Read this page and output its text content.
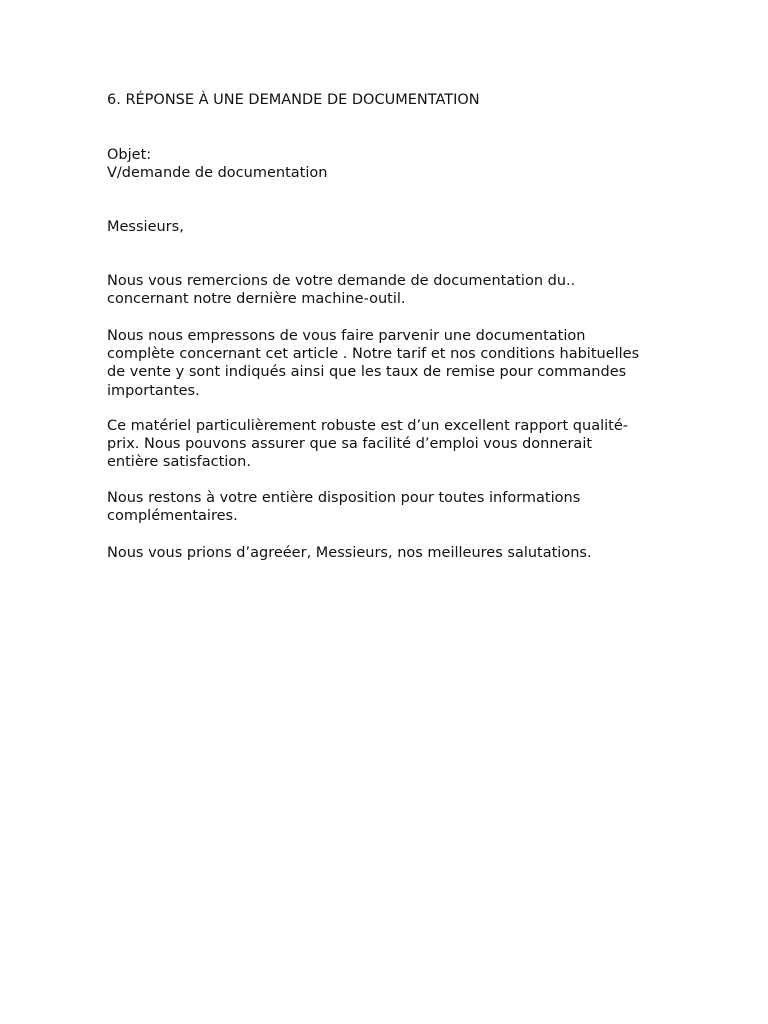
6. RÉPONSE À UNE DEMANDE DE DOCUMENTATION
Objet:
V/demande de documentation
Messieurs,
Nous vous remercions de votre demande de documentation du..
concernant notre dernière machine-outil.
Nous nous empressons de vous faire parvenir une documentation
complète concernant cet article . Notre tarif et nos conditions habituelles
de vente y sont indiqués ainsi que les taux de remise pour commandes
importantes.
Ce matériel particulièrement robuste est d’un excellent rapport qualité-
prix. Nous pouvons assurer que sa facilité d’emploi vous donnerait
entière satisfaction.
Nous restons à votre entière disposition pour toutes informations
complémentaires.
Nous vous prions d’agreéer, Messieurs, nos meilleures salutations.
